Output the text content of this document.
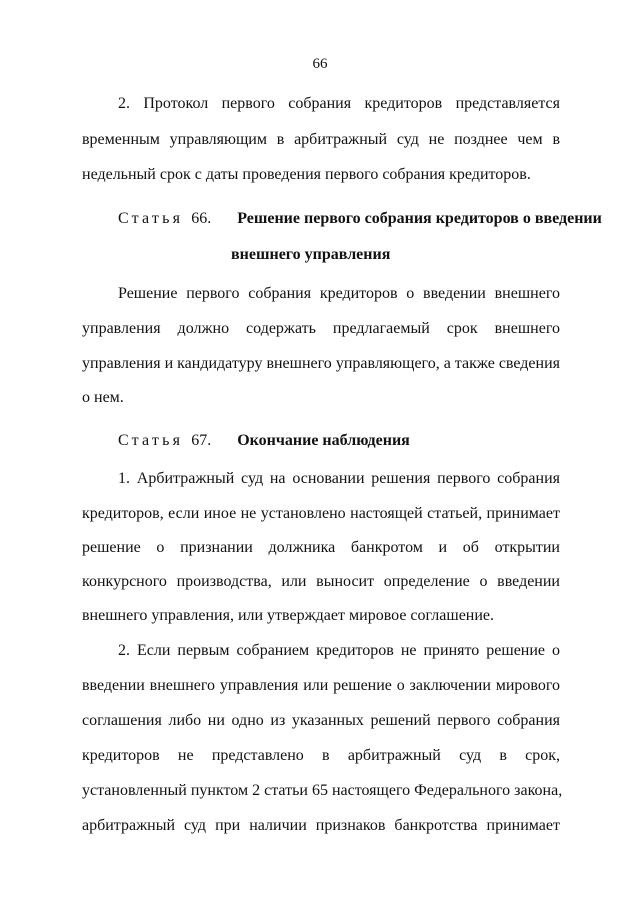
66
2. Протокол первого собрания кредиторов представляется
временным управляющим в арбитражный суд не позднее чем в
недельный срок с даты проведения первого собрания кредиторов.
Статья 66. Решение первого собрания кредиторов о введении
внешнего управления
Решение первого собрания кредиторов о введении внешнего
управления должно содержать предлагаемый срок внешнего
управления и кандидатуру внешнего управляющего, а также сведения
о нем.
Статья 67. Окончание наблюдения
1. Арбитражный суд на основании решения первого собрания
кредиторов, если иное не установлено настоящей статьей, принимает
решение о признании должника банкротом и об открытии
конкурсного производства, или выносит определение о введении
внешнего управления, или утверждает мировое соглашение.
2. Если первым собранием кредиторов не принято решение о
введении внешнего управления или решение о заключении мирового
соглашения либо ни одно из указанных решений первого собрания
кредиторов не представлено в арбитражный суд в срок,
установленный пунктом 2 статьи 65 настоящего Федерального закона,
арбитражный суд при наличии признаков банкротства принимает
